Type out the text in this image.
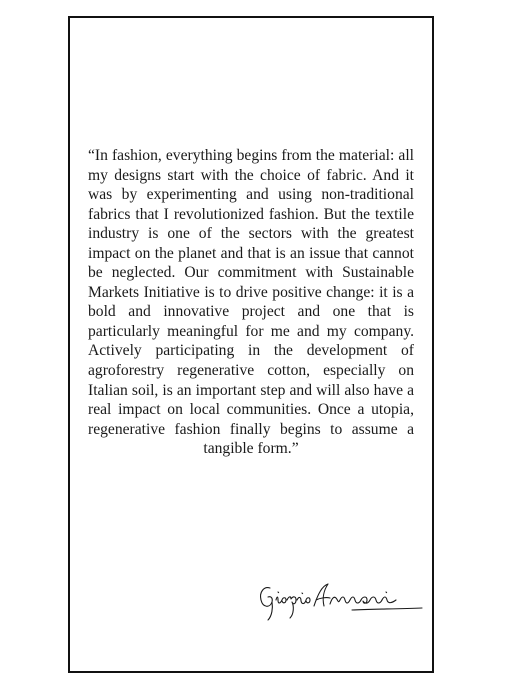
“In fashion, everything begins from the material: all my designs start with the choice of fabric. And it was by experimenting and using non-traditional fabrics that I revolutionized fashion. But the textile industry is one of the sectors with the greatest impact on the planet and that is an issue that cannot be neglected. Our commitment with Sustainable Markets Initiative is to drive positive change: it is a bold and innovative project and one that is particularly meaningful for me and my company. Actively participating in the development of agroforestry regenerative cotton, especially on Italian soil, is an important step and will also have a real impact on local communities. Once a utopia, regenerative fashion finally begins to assume a tangible form.”
